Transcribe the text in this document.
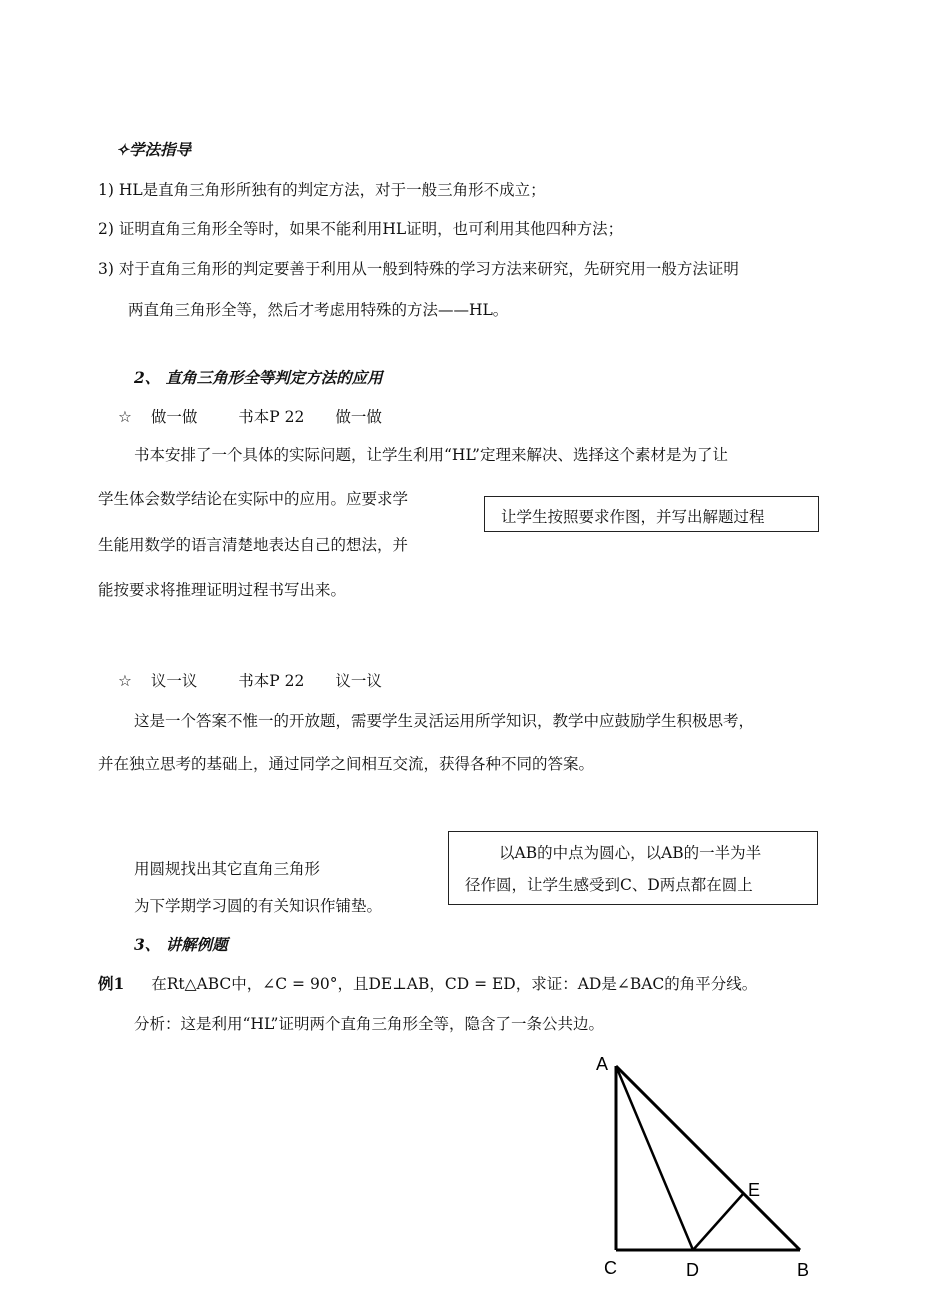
✧学法指导
1) HL是直角三角形所独有的判定方法，对于一般三角形不成立；
2) 证明直角三角形全等时，如果不能利用HL证明，也可利用其他四种方法；
3) 对于直角三角形的判定要善于利用从一般到特殊的学习方法来研究，先研究用一般方法证明
两直角三角形全等，然后才考虑用特殊的方法——HL。
2、 直角三角形全等判定方法的应用
☆ 做一做	书本P 22 做一做
书本安排了一个具体的实际问题，让学生利用“HL”定理来解决、选择这个素材是为了让
学生体会数学结论在实际中的应用。应要求学
生能用数学的语言清楚地表达自己的想法，并
能按要求将推理证明过程书写出来。
让学生按照要求作图，并写出解题过程
☆ 议一议	书本P 22 议一议
这是一个答案不惟一的开放题，需要学生灵活运用所学知识，教学中应鼓励学生积极思考，
并在独立思考的基础上，通过同学之间相互交流，获得各种不同的答案。
用圆规找出其它直角三角形
为下学期学习圆的有关知识作铺垫。
以AB的中点为圆心，以AB的一半为半
径作圆，让学生感受到C、D两点都在圆上
3、 讲解例题
例1 在Rt△ABC中，∠C = 90°，且DE⊥AB，CD = ED，求证：AD是∠BAC的角平分线。
分析：这是利用“HL”证明两个直角三角形全等，隐含了一条公共边。
A
C	D
E
B
